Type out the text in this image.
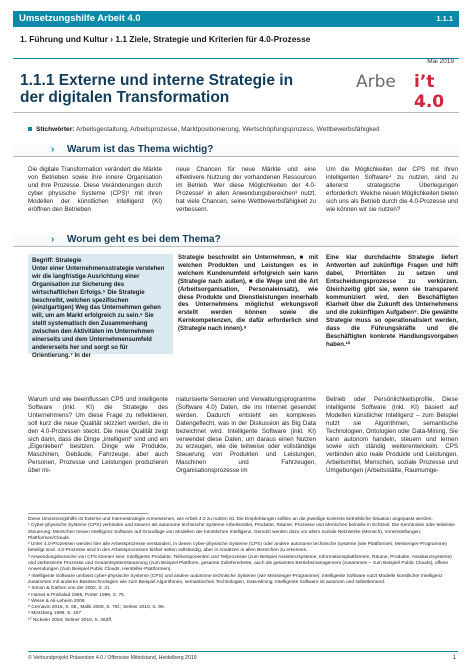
Umsetzungshilfe Arbeit 4.0	1.1.1
1. Führung und Kultur › 1.1 Ziele, Strategie und Kriterien für 4.0-Prozesse
Mai 2019
1.1.1 Externe und interne Strategie in der digitalen Transformation
Arbe i’t 4.0
Stichwörter: Arbeitsgestaltung, Arbeitsprozesse, Marktpositionierung, Wertschöpfungsprozess, Wettbewerbsfähigkeit
› Warum ist das Thema wichtig?
Die digitale Transformation verändert die Märkte von Betrieben sowie ihre innere Organisation und ihre Prozesse. Diese Veränderungen durch cyber physische Systeme (CPS)¹ mit ihren Modellen der künstlichen Intelligenz (KI) eröffnen den Betrieben
neue Chancen für neue Märkte und eine effektivere Nutzung der vorhandenen Ressourcen im Betrieb. Wer diese Möglichkeiten der 4.0-Prozesse² in allen Anwendungsbereichen³ nutzt, hat viele Chancen, seine Wettbewerbsfähigkeit zu verbessern.
Um die Möglichkeiten der CPS mit ihren intelligenten Software⁴ zu nutzen, sind zu allererst strategische Überlegungen erforderlich: Welche neuen Möglichkeiten bieten sich uns als Betrieb durch die 4.0-Prozesse und wie können wir sie nutzen?
› Worum geht es bei dem Thema?
Begriff: Strategie
Unter einer Unternehmensstrategie verstehen wir die langfristige Ausrichtung einer Organisation zur Sicherung des wirtschaftlichen Erfolgs.⁵ Die Strategie beschreibt, welchen spezifischen (einzigartigen) Weg das Unternehmen gehen will, um am Markt erfolgreich zu sein.⁶ Sie stellt systematisch den Zusammenhang zwischen den Aktivitäten im Unternehmen einerseits und dem Unternehmensumfeld andererseits her und sorgt so für Orientierung.⁷ In der
Strategie beschreibt ein Unternehmen, ■ mit welchen Produkten und Leistungen es in welchem Kundenumfeld erfolgreich sein kann (Strategie nach außen), ■ die Wege und die Art (Arbeitsorganisation, Personaleinsatz), wie diese Produkte und Dienstleistungen innerhalb des Unternehmens möglichst wirkungsvoll erstellt werden können sowie die Kernkompetenzen, die dafür erforderlich sind (Strategie nach innen).⁸
Eine klar durchdachte Strategie liefert Antworten auf zukünftige Fragen und hilft dabei, Prioritäten zu setzen und Entscheidungsprozesse zu verkürzen. Gleichzeitig gibt sie, wenn sie transparent kommuniziert wird, den Beschäftigten Klarheit über die Zukunft des Unternehmens und die zukünftigen Aufgaben⁹. Die gewählte Strategie muss so operationalisiert werden, dass die Führungskräfte und die Beschäftigten konkrete Handlungsvorgaben haben.¹⁰
Warum und wie beeinflussen CPS und intelligente Software (inkl. KI) die Strategie des Unternehmens? Um diese Frage zu reflektieren, soll kurz die neue Qualität skizziert werden, die in den 4.0-Prozessen steckt. Die neue Qualität zeigt sich darin, dass die Dinge „intelligent“ sind und ein „Eigenleben“ besitzen. Dinge wie Produkte, Maschinen, Gebäude, Fahrzeuge, aber auch Personen, Prozesse und Leistungen produzieren über mi-
niaturisierte Sensoren und Verwaltungsprogramme (Software 4.0) Daten, die ins Internet gesendet werden. Dadurch entsteht ein komplexes Datengeflecht, was in der Diskussion als Big Data bezeichnet wird. Intelligente Software (inkl. KI) verwendet diese Daten, um daraus einen Nutzen zu erzeugen, wie die teilweise oder vollständige Steuerung von Produkten und Leistungen, Maschinen und Fahrzeugen, Organisationsprozesse im
Betrieb oder Persönlichkeitsprofile. Diese intelligente Software (inkl. KI) basiert auf Modellen künstlicher Intelligenz – zum Beispiel nutzt sie Algorithmen, semantische Technologien, Ontologien oder Data-Mining. Sie kann autonom handeln, steuern und lernen sowie sich ständig weiterentwickeln. CPS verbinden also reale Produkte und Leistungen, Arbeitsmittel, Menschen, soziale Prozesse und Umgebungen (Arbeitsstätte, Raumumge-
Diese Umsetzungshilfe ist Externe und Internestrategie Anmessenen, wie Arbeit 4.0 zu nutzen ist. Die Empfehlungen sollten an die jeweilige konkrete betriebliche Situation angepasst werden.
¹ Cyber-physische Systeme (CPS) verbinden und steuern als autonome technische Systeme Arbeitsmittel, Produkte, Räume, Prozesse und Menschen beinahe in Echtzeit. Die Kenntnisse oder teilweise Steuerung: Menschen treuen Intelligenz Software auf Grundlage von Modellen der künstlichen Intelligenz. Genutzt werden dazu vor allem soziale Netzwerke (Mensch), Voreinstellungen, Plattformen/Clouds.
² Unter 4.0-Prozessen werden hier alle Arbeitsprozesse verstanden, in denen cyber-physische Systeme (CPS) oder andere autonome technische Systeme (wie Plattformen, Messenger-Programme) beteiligt sind. 4.0-Prozesse sind in den Arbeitsprozessen bisher selten vollständig, aber in Ansätzen in allen Bereichen zu erkennen.
³ Anwendungsbereiche von CPS können sein: Intelligente Produkte, Teilkomponenten und Teilprozesse (zum Beispiel Assistenzsysteme, Informationsplattformen, Räume, Produkte, Assistenzsysteme) und verbesserte Prozesse und Gesamtsystemsteuerung (zum Beispiel Plattform, gesamte Zuliefererkette, auch als gesamtes Betriebsmanagement (zusammen – zum Beispiel Public Clouds), offene Anwendungen (zum Beispiel Public Clouds, Hersteller-Plattformen).
⁴ Intelligente Software umfasst cyber-physische Systeme (CPS) und andere autonome technische Systeme (wie Messenger-Programme). Intelligente Software nutzt Modelle künstlicher Intelligenz zusammen mit anderen Basistechnologien wie zum Beispiel Algorithmen, semantischen Technologien, Data-Mining. Intelligente Software ist autonom und selbstlernend.
⁵ Simon & Gathen von der 2002, S. 21
⁶ Hamel & Prahalad 1995, Porter 1999, S. 75
⁷ Weise & Ali-Leheim 2008
⁸ Cernavin 2016, S. 68,, Malik 2008, S. 75f.; Seliner 2010, S. 98.
⁹ Mintzberg 1999, S. 197
¹⁰ Nickeler 2004; Seliner 2010, S. 263ff.
© Verbundprojekt Prävention 4.0 / Offensive Mittelstand, Heidelberg 2019	1
